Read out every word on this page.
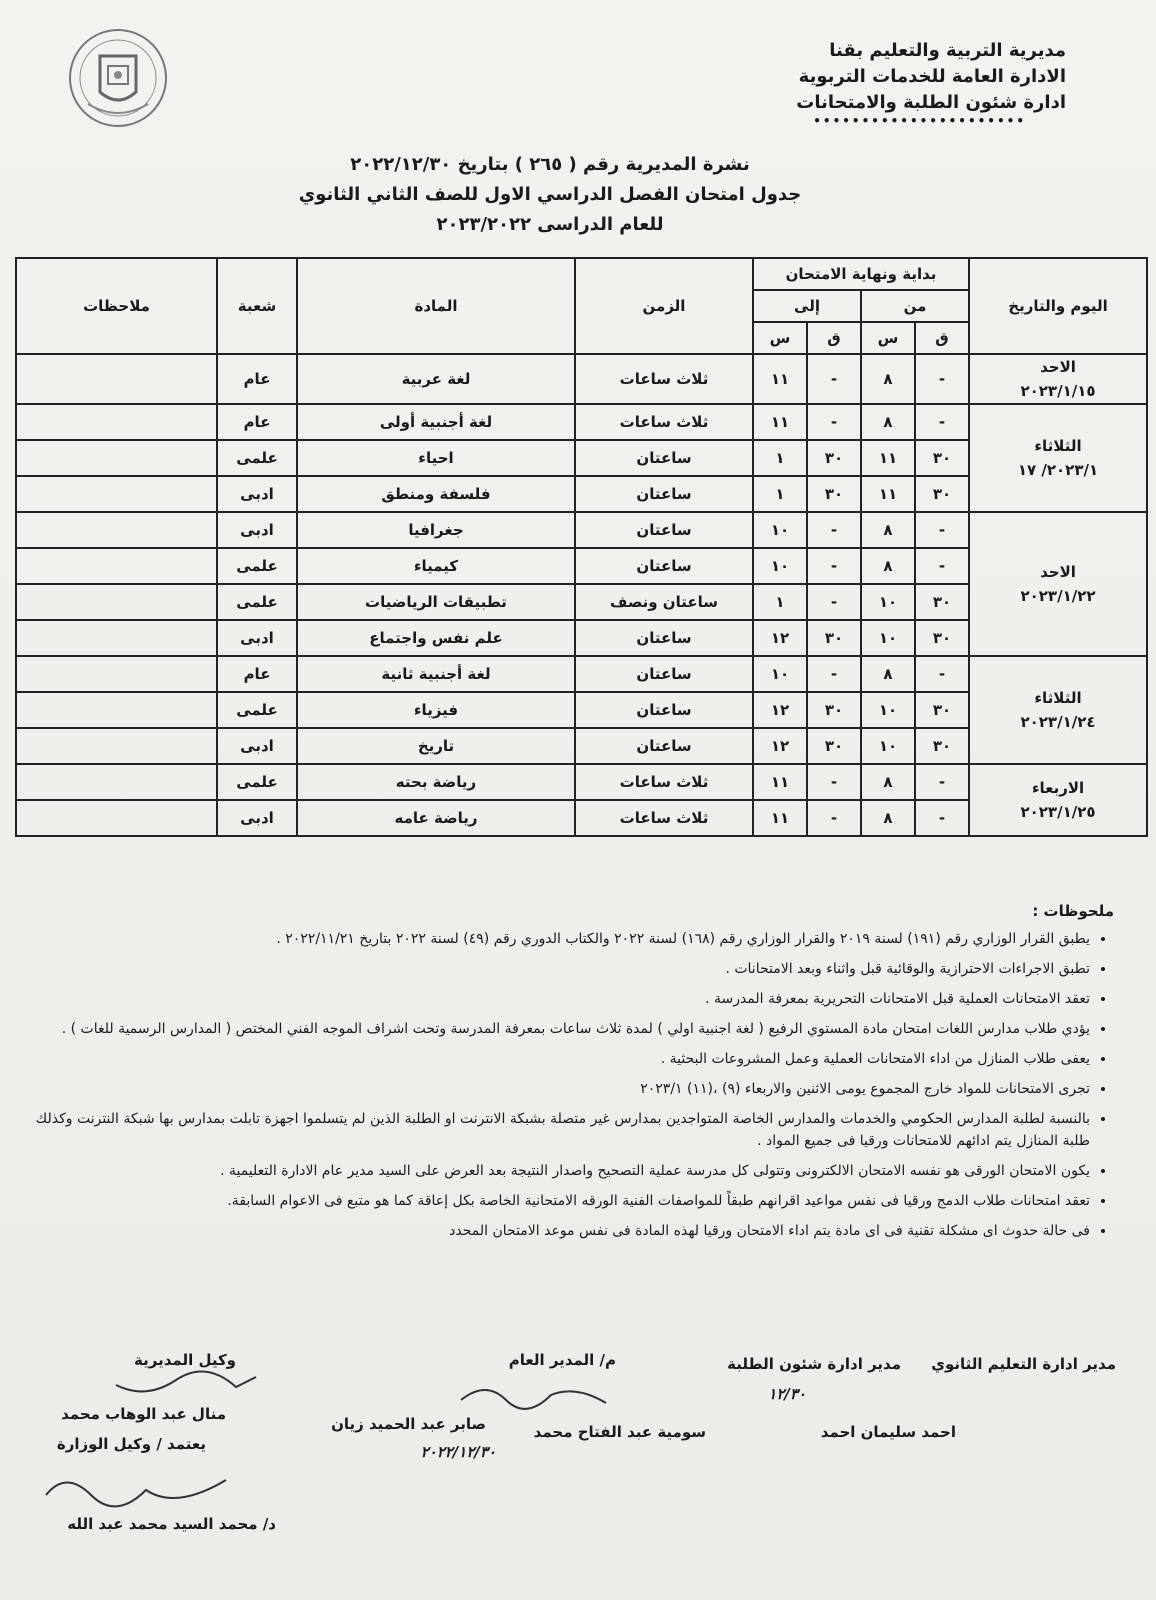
مديرية التربية والتعليم بقنا
الادارة العامة للخدمات التربوية
ادارة شئون الطلبة والامتحانات
••••••••••••••••••••••
نشرة المديرية رقم ( ٢٦٥ ) بتاريخ ٢٠٢٢/١٢/٣٠
جدول امتحان الفصل الدراسي الاول للصف الثاني الثانوي
للعام الدراسى ٢٠٢٣/٢٠٢٢
اليوم والتاريخ	بداية ونهاية الامتحان				الزمن	المادة	شعبة	ملاحظات
	من		إلى					
	ق	س	ق	س				

الاحد
٢٠٢٣/١/١٥	-	٨	-	١١	ثلاث ساعات	لغة عربية	عام	

الثلاثاء
٢٠٢٣/١/ ١٧	-	٨	-	١١	ثلاث ساعات	لغة أجنبية أولى	عام	
	٣٠	١١	٣٠	١	ساعتان	احياء	علمى	
	٣٠	١١	٣٠	١	ساعتان	فلسفة ومنطق	ادبى	

الاحد
٢٠٢٣/١/٢٢	-	٨	-	١٠	ساعتان	جغرافيا	ادبى	
	-	٨	-	١٠	ساعتان	كيمياء	علمى	
	٣٠	١٠	-	١	ساعتان ونصف	تطبيقات الرياضيات	علمى	
	٣٠	١٠	٣٠	١٢	ساعتان	علم نفس واجتماع	ادبى	

الثلاثاء
٢٠٢٣/١/٢٤	-	٨	-	١٠	ساعتان	لغة أجنبية ثانية	عام	
	٣٠	١٠	٣٠	١٢	ساعتان	فيزياء	علمى	
	٣٠	١٠	٣٠	١٢	ساعتان	تاريخ	ادبى	

الاربعاء
٢٠٢٣/١/٢٥	-	٨	-	١١	ثلاث ساعات	رياضة بحته	علمى	
	-	٨	-	١١	ثلاث ساعات	رياضة عامه	ادبى	
ملحوظات :
• يطبق القرار الوزاري رقم (١٩١) لسنة ٢٠١٩ والقرار الوزاري رقم (١٦٨) لسنة ٢٠٢٢ والكتاب الدوري رقم (٤٩) لسنة ٢٠٢٢ بتاريخ ٢٠٢٢/١١/٢١ .
• تطبق الاجراءات الاحترازية والوقائية قبل واثناء وبعد الامتحانات .
• تعقد الامتحانات العملية قبل الامتحانات التحريرية بمعرفة المدرسة .
• يؤدي طلاب مدارس اللغات امتحان مادة المستوي الرفيع ( لغة اجنبية اولي ) لمدة ثلاث ساعات بمعرفة المدرسة وتحت اشراف الموجه الفني المختص ( المدارس الرسمية للغات ) .
• يعفى طلاب المنازل من اداء الامتحانات العملية وعمل المشروعات البحثية .
• تجرى الامتحانات للمواد خارج المجموع يومى الاثنين والاربعاء (٩) ،(١١) ٢٠٢٣/١
• بالنسبة لطلبة المدارس الحكومي والخدمات والمدارس الخاصة المتواجدين بمدارس غير متصلة بشبكة الانترنت او الطلبة الذين لم يتسلموا اجهزة تابلت بمدارس بها شبكة النترنت وكذلك طلبة المنازل يتم ادائهم للامتحانات ورقيا فى جميع المواد .
• يكون الامتحان الورقى هو نفسه الامتحان الالكترونى وتتولى كل مدرسة عملية التصحيح واصدار النتيجة بعد العرض على السيد مدير عام الادارة التعليمية .
• تعقد امتحانات طلاب الدمج ورقيا فى نفس مواعيد اقرانهم طبقاً للمواصفات الفنية الورقه الامتحانية الخاصة بكل إعاقة كما هو متبع فى الاعوام السابقة.
• فى حالة حدوث اى مشكلة تقنية فى اى مادة يتم اداء الامتحان ورقيا لهذه المادة فى نفس موعد الامتحان المحدد
مدير ادارة التعليم الثانوي
مدير ادارة شئون الطلبة
م/ المدير العام
وكيل المديرية
١٢/٣٠
احمد سليمان احمد
سومية عبد الفتاح محمد
صابر عبد الحميد زيان
منال عبد الوهاب محمد
٢٠٢٢/١٢/٣٠
يعتمد / وكيل الوزارة
د/ محمد السيد محمد عبد الله
